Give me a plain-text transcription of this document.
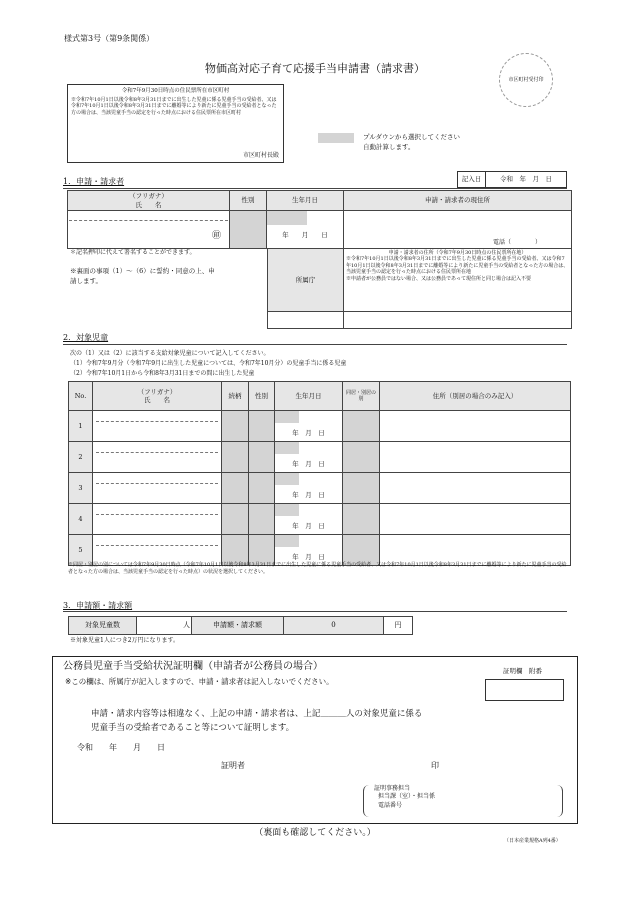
様式第3号（第9条関係）
物価高対応子育て応援手当申請書（請求書）
市区町村受付印
令和7年9月30日時点の住民票所在市区町村
※令和7年10月1日以後令和8年3月31日までに出生した児童に係る児童手当の受給者、又は令和7年10月1日以後令和8年3月31日までに離婚等により新たに児童手当の受給者となった方の場合は、当該児童手当の認定を行った時点における住民票所在市区町村
市区町村長殿
プルダウンから選択してください
自動計算します。
1．申請・請求者	記入日	令和　年　月　日
（フリガナ）
氏　　名	性別	生年月日	申請・請求者の現住所

㊞		年　　月　　日	電話（　　　　）
＊記名押印に代えて署名することができます。
※裏面の事項（1）～（6）に誓約・同意の上、申請します。	所属庁	申請・請求者の住所（令和7年9月30日時点の住民票所在地）
※令和7年10月1日以後令和8年3月31日までに出生した児童に係る児童手当の受給者、又は令和7年10月1日以後令和8年3月31日までに離婚等により新たに児童手当の受給者となった方の場合は、当該児童手当の認定を行った時点における住民票所在地
※申請者が公務員ではない場合、又は公務員であって現住所と同じ場合は記入不要

2．対象児童
次の（1）又は（2）に該当する支給対象児童について記入してください。
（1）令和7年9月分（令和7年9月に出生した児童については、令和7年10月分）の児童手当に係る児童
（2）令和7年10月1日から令和8年3月31日までの間に出生した児童
No.	（フリガナ）
氏　　名	続柄	性別	生年月日	同居・別居の別	住所（別居の場合のみ記入）
1				年　月　日		

2				年　月　日		

3				年　月　日		

4				年　月　日		

5				年　月　日		

※同居・別居の別については令和7年9月30日時点（令和7年10月1日以後令和8年3月31日までに出生した児童に係る児童手当の受給者、又は令和7年10月1日以後令和8年3月31日までに離婚等により新たに児童手当の受給者となった方の場合は、当該児童手当の認定を行った時点）の状況を選択してください。
3．申請額・請求額
対象児童数	人	申請額・請求額	0	円
※対象児童1人につき2万円になります。
公務員児童手当受給状況証明欄（申請者が公務員の場合）
※この欄は、所属庁が記入しますので、申請・請求者は記入しないでください。
証明欄　附番
申請・請求内容等は相違なく、上記の申請・請求者は、上記＿＿＿人の対象児童に係る
児童手当の受給者であること等について証明します。
令和　　年　　月　　日
証明者	印
証明事務担当
担当課（室）・担当係
電話番号
（裏面も確認してください。）
（日本産業規格A列4番）
